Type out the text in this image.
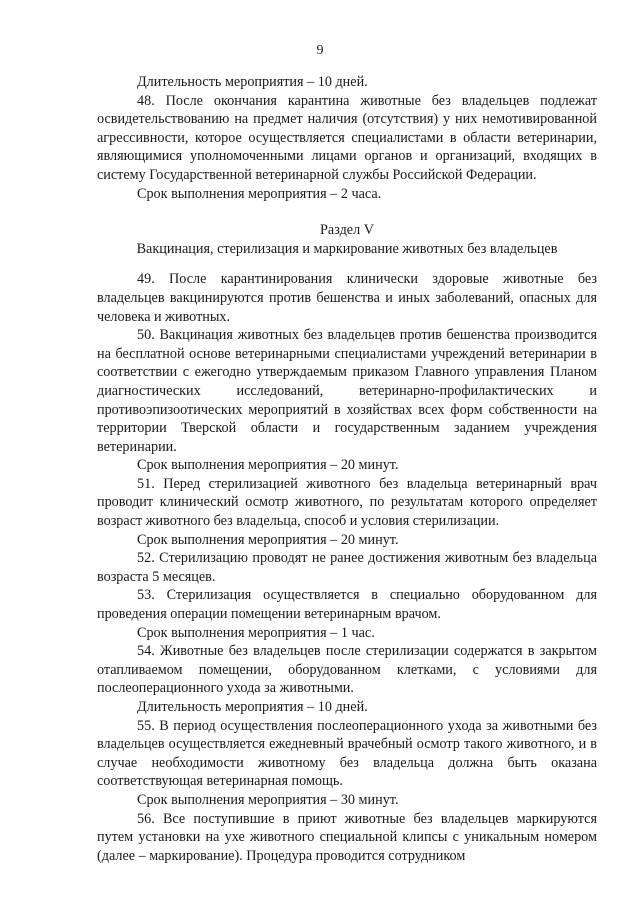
9

Длительность мероприятия – 10 дней.

48. После окончания карантина животные без владельцев подлежат освидетельствованию на предмет наличия (отсутствия) у них немотивированной агрессивности, которое осуществляется специалистами в области ветеринарии, являющимися уполномоченными лицами органов и организаций, входящих в систему Государственной ветеринарной службы Российской Федерации.

Срок выполнения мероприятия – 2 часа.

Раздел V

Вакцинация, стерилизация и маркирование животных без владельцев

49. После карантинирования клинически здоровые животные без владельцев вакцинируются против бешенства и иных заболеваний, опасных для человека и животных.

50. Вакцинация животных без владельцев против бешенства производится на бесплатной основе ветеринарными специалистами учреждений ветеринарии в соответствии с ежегодно утверждаемым приказом Главного управления Планом диагностических исследований, ветеринарно-профилактических и противоэпизоотических мероприятий в хозяйствах всех форм собственности на территории Тверской области и государственным заданием учреждения ветеринарии.

Срок выполнения мероприятия – 20 минут.

51. Перед стерилизацией животного без владельца ветеринарный врач проводит клинический осмотр животного, по результатам которого определяет возраст животного без владельца, способ и условия стерилизации.

Срок выполнения мероприятия – 20 минут.

52. Стерилизацию проводят не ранее достижения животным без владельца возраста 5 месяцев.

53. Стерилизация осуществляется в специально оборудованном для проведения операции помещении ветеринарным врачом.

Срок выполнения мероприятия – 1 час.

54. Животные без владельцев после стерилизации содержатся в закрытом отапливаемом помещении, оборудованном клетками, с условиями для послеоперационного ухода за животными.

Длительность мероприятия – 10 дней.

55. В период осуществления послеоперационного ухода за животными без владельцев осуществляется ежедневный врачебный осмотр такого животного, и в случае необходимости животному без владельца должна быть оказана соответствующая ветеринарная помощь.

Срок выполнения мероприятия – 30 минут.

56. Все поступившие в приют животные без владельцев маркируются путем установки на ухе животного специальной клипсы с уникальным номером (далее – маркирование). Процедура проводится сотрудником
